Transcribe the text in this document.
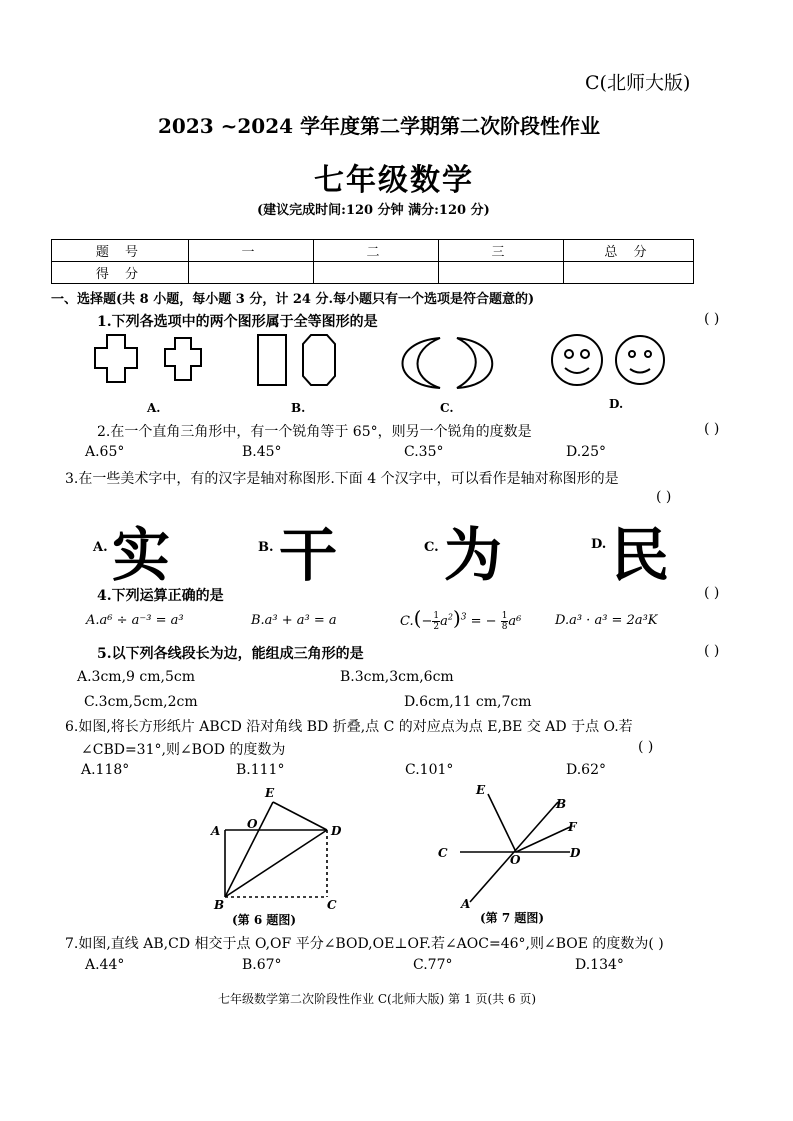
C(北师大版)
2023 ~2024 学年度第二学期第二次阶段性作业
七年级数学
(建议完成时间:120 分钟 满分:120 分)
题 号	一	二	三	总 分
得 分				
一、选择题(共 8 小题，每小题 3 分，计 24 分.每小题只有一个选项是符合题意的)
1.下列各选项中的两个图形属于全等图形的是	( )
A.	B.	C.	D.
2.在一个直角三角形中，有一个锐角等于 65°，则另一个锐角的度数是	( )
A.65°	B.45°	C.35°	D.25°
3.在一些美术字中，有的汉字是轴对称图形.下面 4 个汉字中，可以看作是轴对称图形的是
( )
A. 实	B. 干	C. 为	D. 民
4.下列运算正确的是	( )
A.a⁶ ÷ a⁻³ = a³	B.a³ + a³ = a	$C.(- \frac{1}{2} a^2)^3$ = − $\frac{1}{8} a^6$	D.a³ · a³ = 2a³K
5.以下列各线段长为边，能组成三角形的是	( )
A.3cm,9 cm,5cm	B.3cm,3cm,6cm
C.3cm,5cm,2cm	D.6cm,11 cm,7cm
6.如图,将长方形纸片 ABCD 沿对角线 BD 折叠,点 C 的对应点为点 E,BE 交 AD 于点 O.若
∠CBD=31°,则∠BOD 的度数为	( )
A.118°	B.111°	C.101°	D.62°
E
A O	D
B	C
(第 6 题图)
E
B
F
C	O	D
A
(第 7 题图)
7.如图,直线 AB,CD 相交于点 O,OF 平分∠BOD,OE⊥OF.若∠AOC=46°,则∠BOE 的度数为( )
A.44°	B.67°	C.77°	D.134°
七年级数学第二次阶段性作业 C(北师大版) 第 1 页(共 6 页)
